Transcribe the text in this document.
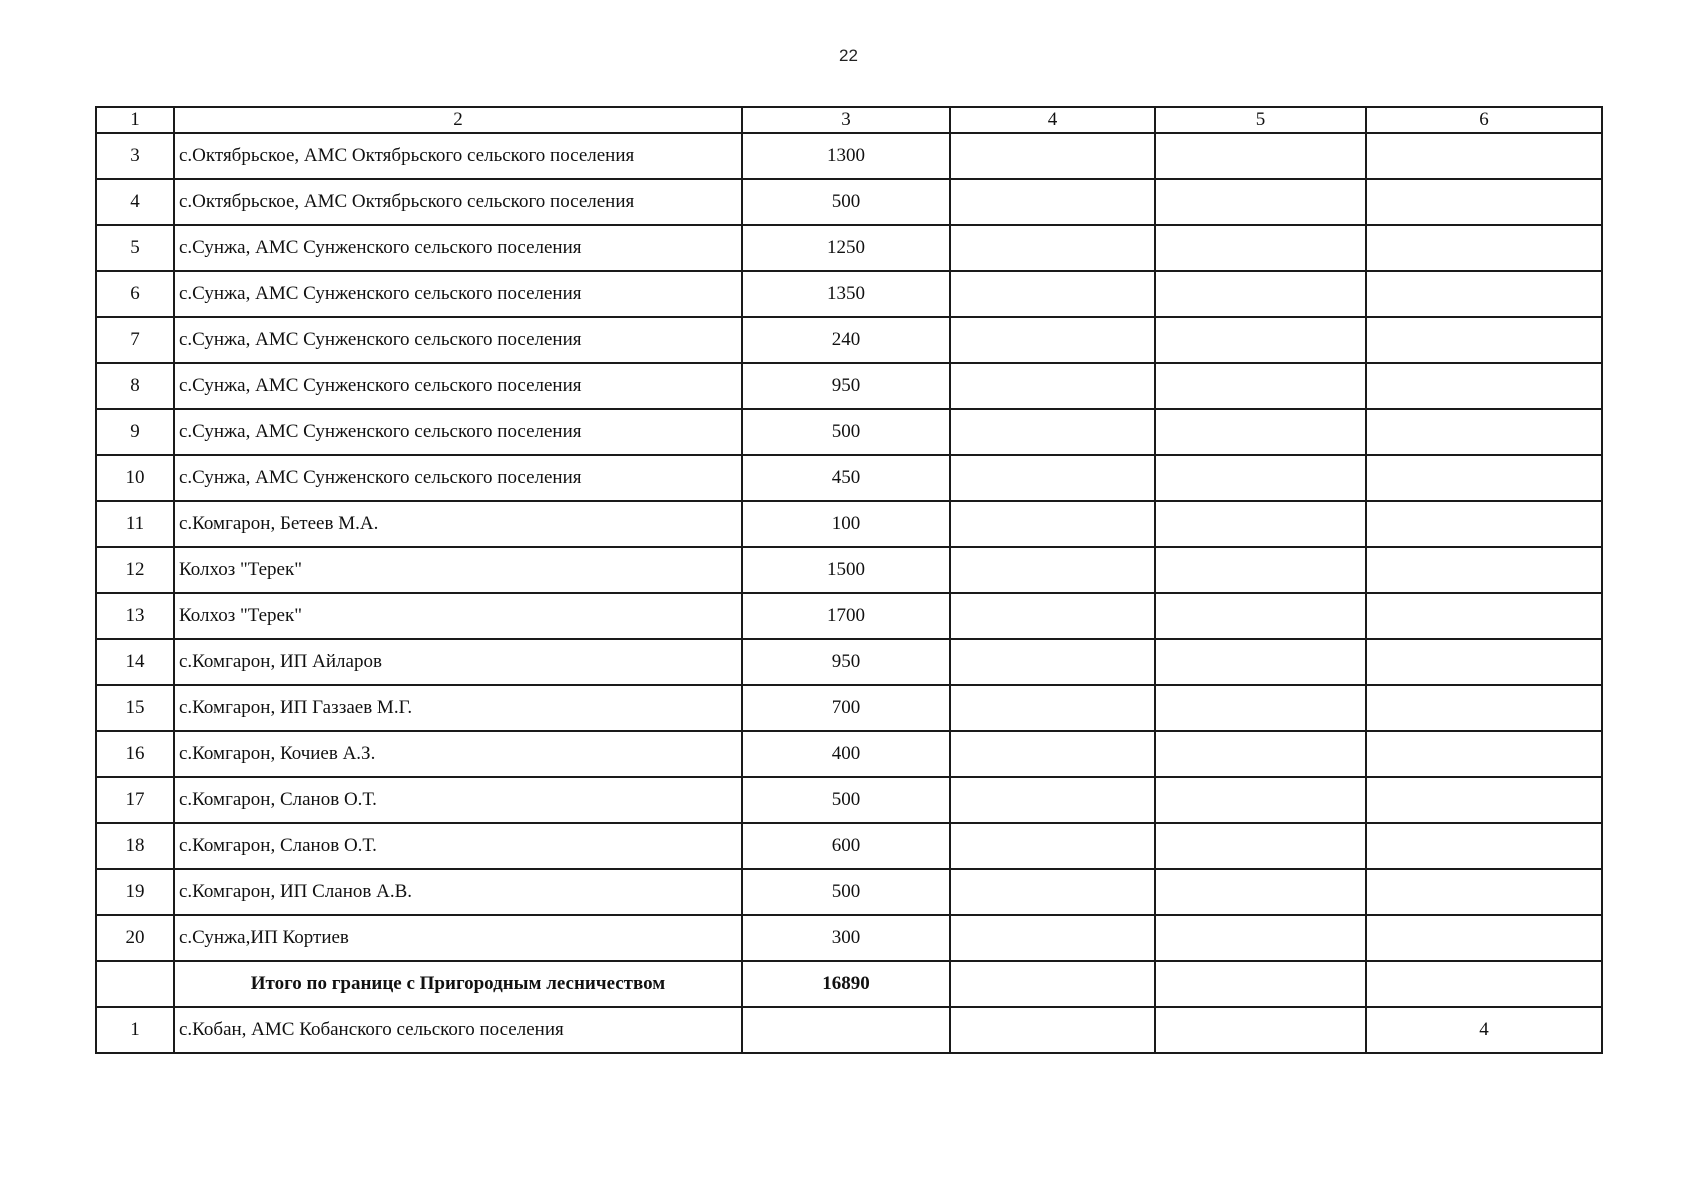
22
1	2	3	4	5	6
3	с.Октябрьское, АМС Октябрьского сельского поселения	1300			
4	с.Октябрьское, АМС Октябрьского сельского поселения	500			
5	с.Сунжа, АМС Сунженского сельского поселения	1250			
6	с.Сунжа, АМС Сунженского сельского поселения	1350			
7	с.Сунжа, АМС Сунженского сельского поселения	240			
8	с.Сунжа, АМС Сунженского сельского поселения	950			
9	с.Сунжа, АМС Сунженского сельского поселения	500			
10	с.Сунжа, АМС Сунженского сельского поселения	450			
11	с.Комгарон, Бетеев М.А.	100			
12	Колхоз "Терек"	1500			
13	Колхоз "Терек"	1700			
14	с.Комгарон, ИП Айларов	950			
15	с.Комгарон, ИП Газзаев М.Г.	700			
16	с.Комгарон, Кочиев А.З.	400			
17	с.Комгарон, Сланов О.Т.	500			
18	с.Комгарон, Сланов О.Т.	600			
19	с.Комгарон, ИП Сланов А.В.	500			
20	с.Сунжа,ИП Кортиев	300			
	Итого по границе с Пригородным лесничеством	16890			
1	с.Кобан, АМС Кобанского сельского поселения				4
